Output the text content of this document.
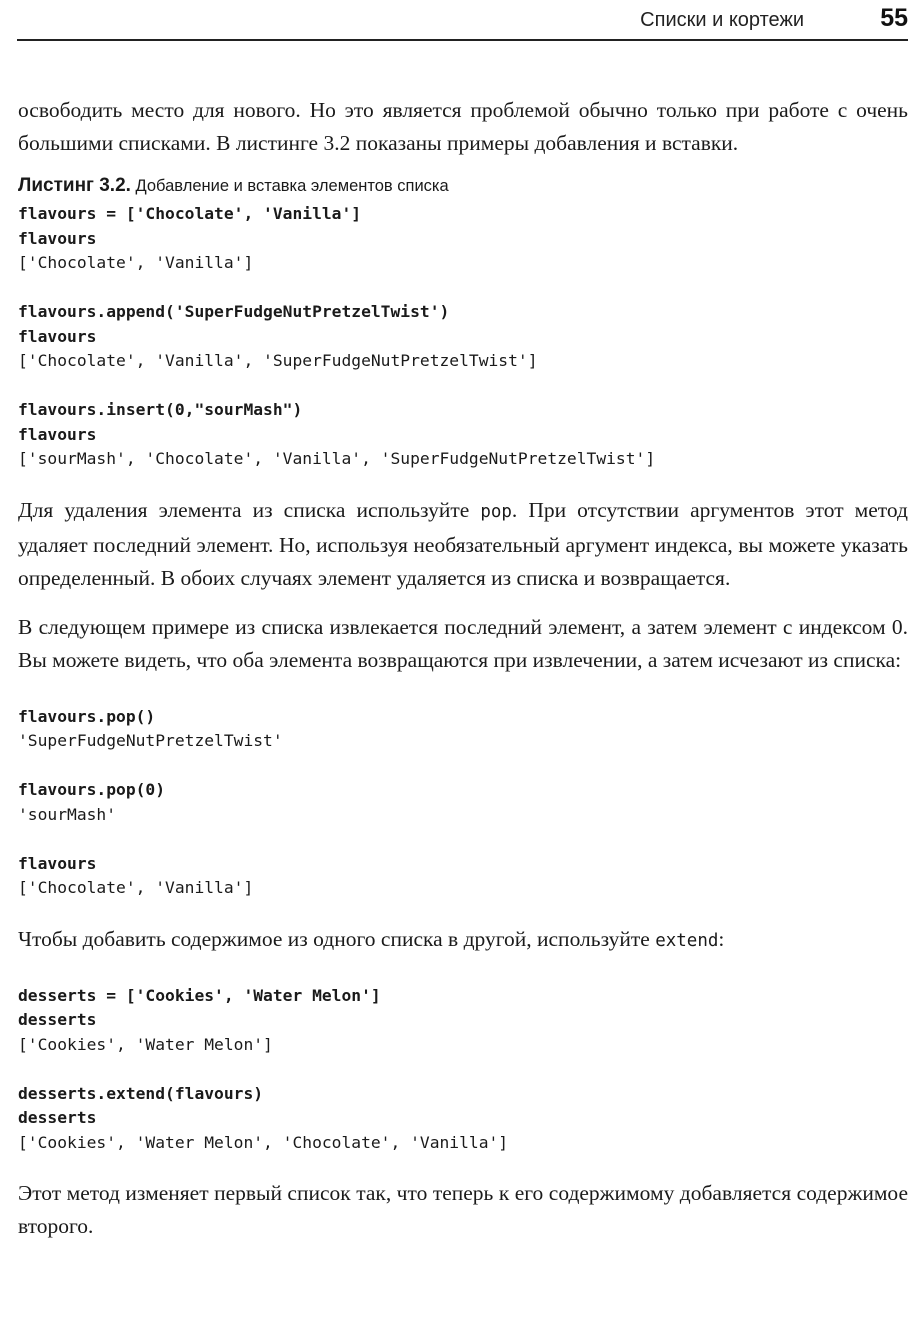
Списки и кортежи	55

освободить место для нового. Но это является проблемой обычно только при работе с очень большими списками. В листинге 3.2 показаны примеры добавления и вставки.

Листинг 3.2. Добавление и вставка элементов списка
flavours = ['Chocolate', 'Vanilla']
flavours
['Chocolate', 'Vanilla']
flavours.append('SuperFudgeNutPretzelTwist')
flavours
['Chocolate', 'Vanilla', 'SuperFudgeNutPretzelTwist']
flavours.insert(0,"sourMash")
flavours
['sourMash', 'Chocolate', 'Vanilla', 'SuperFudgeNutPretzelTwist']

Для удаления элемента из списка используйте pop. При отсутствии аргументов этот метод удаляет последний элемент. Но, используя необязательный аргумент индекса, вы можете указать определенный. В обоих случаях элемент удаляется из списка и возвращается.

В следующем примере из списка извлекается последний элемент, а затем элемент с индексом 0. Вы можете видеть, что оба элемента возвращаются при извлечении, а затем исчезают из списка:

flavours.pop()
'SuperFudgeNutPretzelTwist'
flavours.pop(0)
'sourMash'
flavours
['Chocolate', 'Vanilla']

Чтобы добавить содержимое из одного списка в другой, используйте extend:

desserts = ['Cookies', 'Water Melon']
desserts
['Cookies', 'Water Melon']
desserts.extend(flavours)
desserts
['Cookies', 'Water Melon', 'Chocolate', 'Vanilla']

Этот метод изменяет первый список так, что теперь к его содержимому добавляется содержимое второго.
